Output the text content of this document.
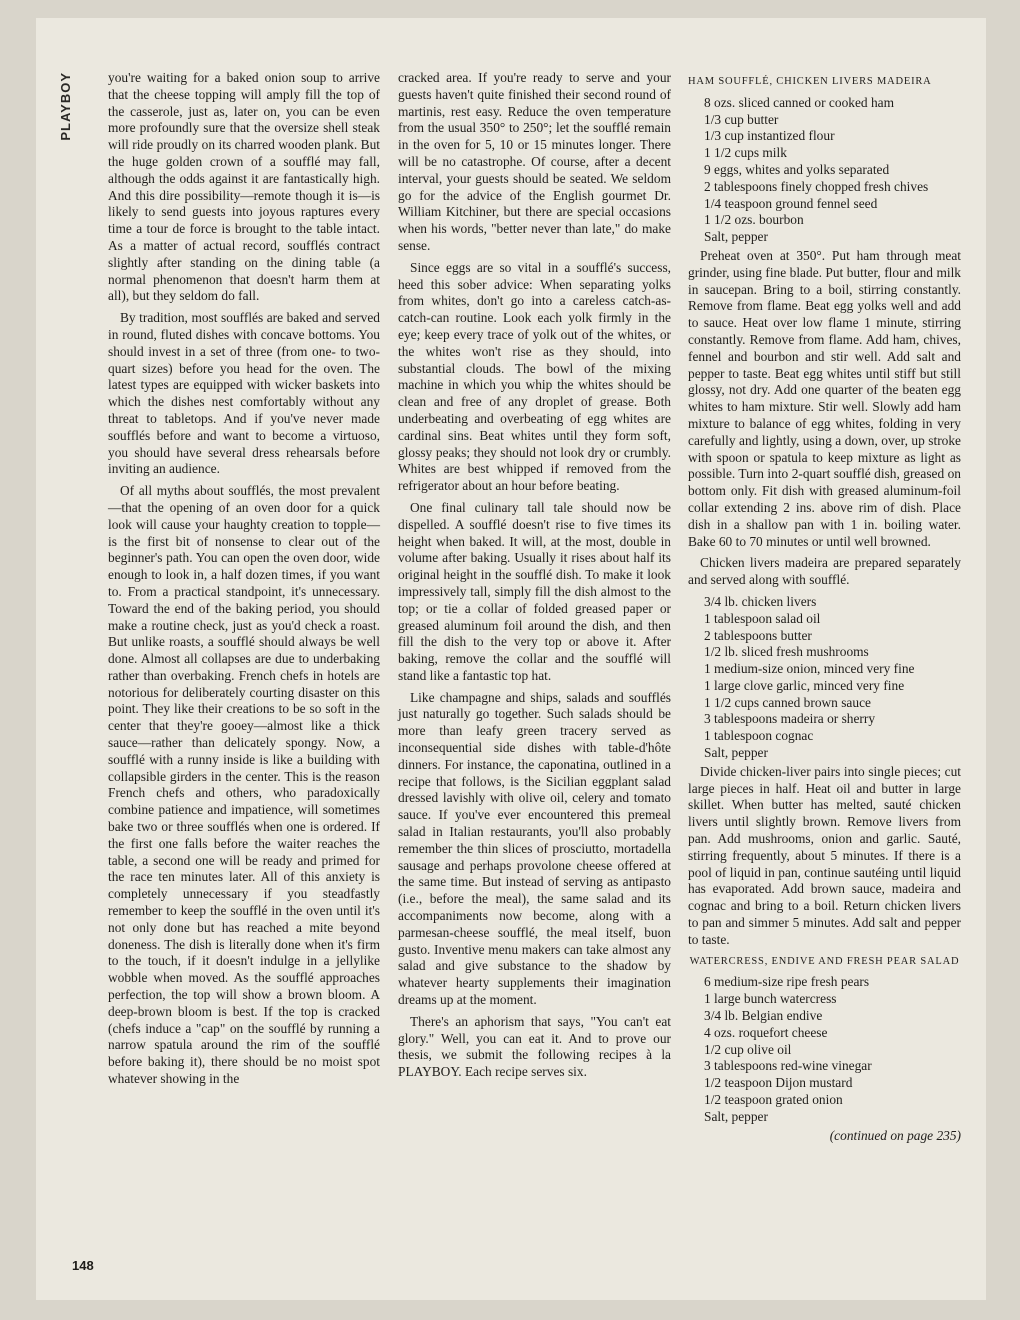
PLAYBOY
148

you're waiting for a baked onion soup to arrive that the cheese topping will amply fill the top of the casserole, just as, later on, you can be even more profoundly sure that the oversize shell steak will ride proudly on its charred wooden plank. But the huge golden crown of a soufflé may fall, although the odds against it are fantastically high. And this dire possibility—remote though it is—is likely to send guests into joyous raptures every time a tour de force is brought to the table intact. As a matter of actual record, soufflés contract slightly after standing on the dining table (a normal phenomenon that doesn't harm them at all), but they seldom do fall.

By tradition, most soufflés are baked and served in round, fluted dishes with concave bottoms. You should invest in a set of three (from one- to two-quart sizes) before you head for the oven. The latest types are equipped with wicker baskets into which the dishes nest comfortably without any threat to tabletops. And if you've never made soufflés before and want to become a virtuoso, you should have several dress rehearsals before inviting an audience.

Of all myths about soufflés, the most prevalent—that the opening of an oven door for a quick look will cause your haughty creation to topple—is the first bit of nonsense to clear out of the beginner's path. You can open the oven door, wide enough to look in, a half dozen times, if you want to. From a practical standpoint, it's unnecessary. Toward the end of the baking period, you should make a routine check, just as you'd check a roast. But unlike roasts, a soufflé should always be well done. Almost all collapses are due to underbaking rather than overbaking. French chefs in hotels are notorious for deliberately courting disaster on this point. They like their creations to be so soft in the center that they're gooey—almost like a thick sauce—rather than delicately spongy. Now, a soufflé with a runny inside is like a building with collapsible girders in the center. This is the reason French chefs and others, who paradoxically combine patience and impatience, will sometimes bake two or three soufflés when one is ordered. If the first one falls before the waiter reaches the table, a second one will be ready and primed for the race ten minutes later. All of this anxiety is completely unnecessary if you steadfastly remember to keep the soufflé in the oven until it's not only done but has reached a mite beyond doneness. The dish is literally done when it's firm to the touch, if it doesn't indulge in a jellylike wobble when moved. As the soufflé approaches perfection, the top will show a brown bloom. A deep-brown bloom is best. If the top is cracked (chefs induce a "cap" on the soufflé by running a narrow spatula around the rim of the soufflé before baking it), there should be no moist spot whatever showing in the

cracked area. If you're ready to serve and your guests haven't quite finished their second round of martinis, rest easy. Reduce the oven temperature from the usual 350° to 250°; let the soufflé remain in the oven for 5, 10 or 15 minutes longer. There will be no catastrophe. Of course, after a decent interval, your guests should be seated. We seldom go for the advice of the English gourmet Dr. William Kitchiner, but there are special occasions when his words, "better never than late," do make sense.

Since eggs are so vital in a soufflé's success, heed this sober advice: When separating yolks from whites, don't go into a careless catch-as-catch-can routine. Look each yolk firmly in the eye; keep every trace of yolk out of the whites, or the whites won't rise as they should, into substantial clouds. The bowl of the mixing machine in which you whip the whites should be clean and free of any droplet of grease. Both underbeating and overbeating of egg whites are cardinal sins. Beat whites until they form soft, glossy peaks; they should not look dry or crumbly. Whites are best whipped if removed from the refrigerator about an hour before beating.

One final culinary tall tale should now be dispelled. A soufflé doesn't rise to five times its height when baked. It will, at the most, double in volume after baking. Usually it rises about half its original height in the soufflé dish. To make it look impressively tall, simply fill the dish almost to the top; or tie a collar of folded greased paper or greased aluminum foil around the dish, and then fill the dish to the very top or above it. After baking, remove the collar and the soufflé will stand like a fantastic top hat.

Like champagne and ships, salads and soufflés just naturally go together. Such salads should be more than leafy green tracery served as inconsequential side dishes with table-d'hôte dinners. For instance, the caponatina, outlined in a recipe that follows, is the Sicilian eggplant salad dressed lavishly with olive oil, celery and tomato sauce. If you've ever encountered this premeal salad in Italian restaurants, you'll also probably remember the thin slices of prosciutto, mortadella sausage and perhaps provolone cheese offered at the same time. But instead of serving as antipasto (i.e., before the meal), the same salad and its accompaniments now become, along with a parmesan-cheese soufflé, the meal itself, buon gusto. Inventive menu makers can take almost any salad and give substance to the shadow by whatever hearty supplements their imagination dreams up at the moment.

There's an aphorism that says, "You can't eat glory." Well, you can eat it. And to prove our thesis, we submit the following recipes à la PLAYBOY. Each recipe serves six.

HAM SOUFFLÉ, CHICKEN LIVERS MADEIRA
8 ozs. sliced canned or cooked ham
1/3 cup butter
1/3 cup instantized flour
1 1/2 cups milk
9 eggs, whites and yolks separated
2 tablespoons finely chopped fresh chives
1/4 teaspoon ground fennel seed
1 1/2 ozs. bourbon
Salt, pepper

Preheat oven at 350°. Put ham through meat grinder, using fine blade. Put butter, flour and milk in saucepan. Bring to a boil, stirring constantly. Remove from flame. Beat egg yolks well and add to sauce. Heat over low flame 1 minute, stirring constantly. Remove from flame. Add ham, chives, fennel and bourbon and stir well. Add salt and pepper to taste. Beat egg whites until stiff but still glossy, not dry. Add one quarter of the beaten egg whites to ham mixture. Stir well. Slowly add ham mixture to balance of egg whites, folding in very carefully and lightly, using a down, over, up stroke with spoon or spatula to keep mixture as light as possible. Turn into 2-quart soufflé dish, greased on bottom only. Fit dish with greased aluminum-foil collar extending 2 ins. above rim of dish. Place dish in a shallow pan with 1 in. boiling water. Bake 60 to 70 minutes or until well browned.

Chicken livers madeira are prepared separately and served along with soufflé.

3/4 lb. chicken livers
1 tablespoon salad oil
2 tablespoons butter
1/2 lb. sliced fresh mushrooms
1 medium-size onion, minced very fine
1 large clove garlic, minced very fine
1 1/2 cups canned brown sauce
3 tablespoons madeira or sherry
1 tablespoon cognac
Salt, pepper

Divide chicken-liver pairs into single pieces; cut large pieces in half. Heat oil and butter in large skillet. When butter has melted, sauté chicken livers until slightly brown. Remove livers from pan. Add mushrooms, onion and garlic. Sauté, stirring frequently, about 5 minutes. If there is a pool of liquid in pan, continue sautéing until liquid has evaporated. Add brown sauce, madeira and cognac and bring to a boil. Return chicken livers to pan and simmer 5 minutes. Add salt and pepper to taste.

WATERCRESS, ENDIVE AND FRESH PEAR SALAD
6 medium-size ripe fresh pears
1 large bunch watercress
3/4 lb. Belgian endive
4 ozs. roquefort cheese
1/2 cup olive oil
3 tablespoons red-wine vinegar
1/2 teaspoon Dijon mustard
1/2 teaspoon grated onion
Salt, pepper
(continued on page 235)
